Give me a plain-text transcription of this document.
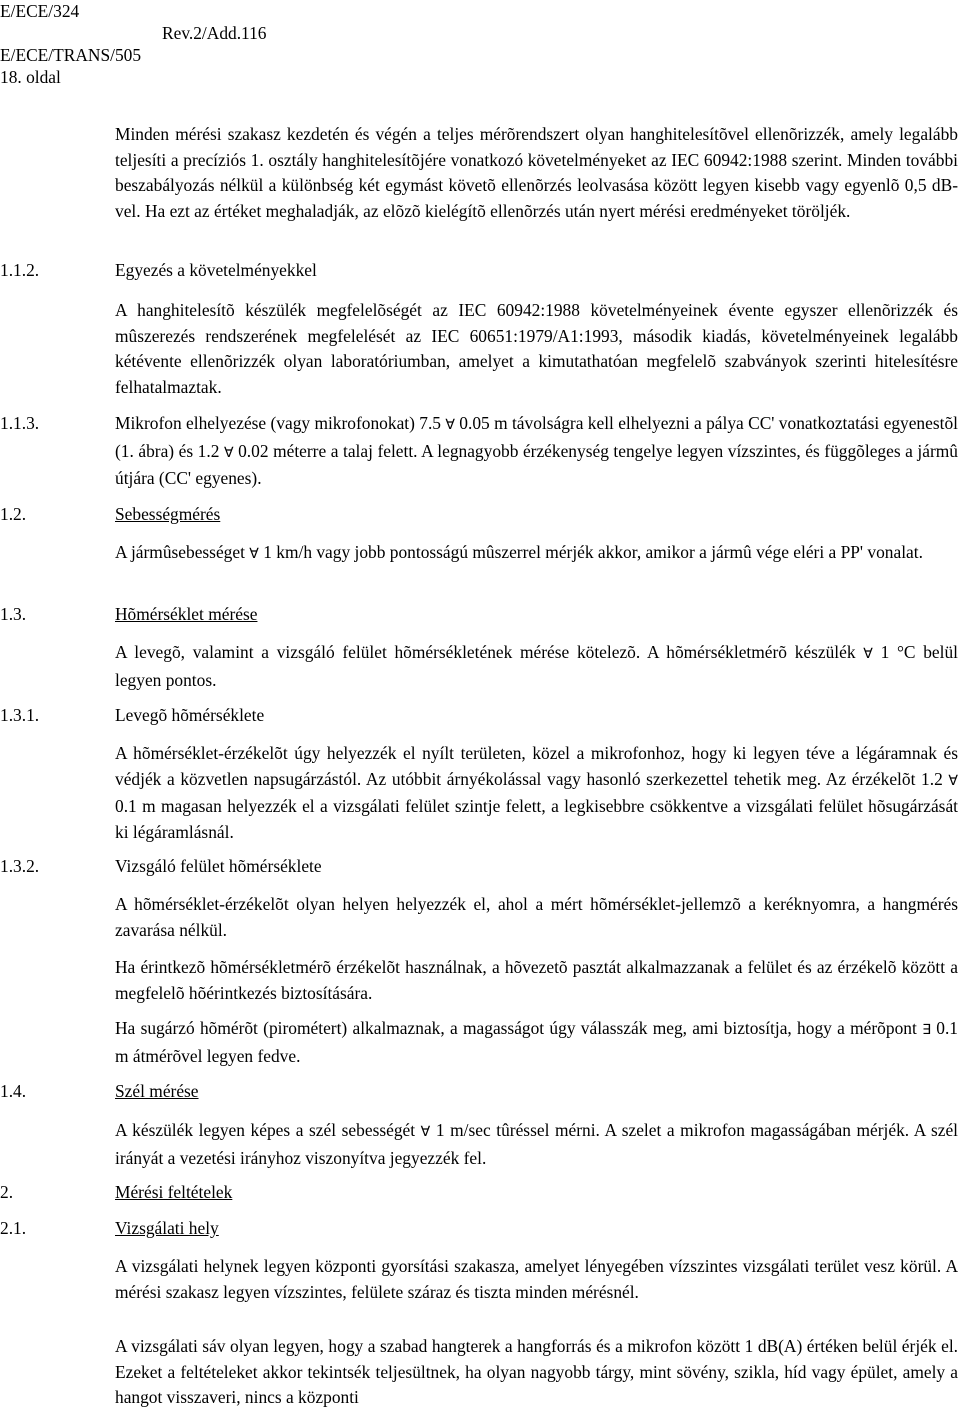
E/ECE/324
Rev.2/Add.116
E/ECE/TRANS/505
18. oldal
Minden mérési szakasz kezdetén és végén a teljes mérõrendszert olyan hanghitelesítõvel ellenõrizzék, amely legalább teljesíti a precíziós 1. osztály hanghitelesítõjére vonatkozó követelményeket az IEC 60942:1988 szerint. Minden további beszabályozás nélkül a különbség két egymást követõ ellenõrzés leolvasása között legyen kisebb vagy egyenlõ 0,5 dB-vel. Ha ezt az értéket meghaladják, az elõzõ kielégítõ ellenõrzés után nyert mérési eredményeket töröljék.
1.1.2.	Egyezés a követelményekkel
A hanghitelesítõ készülék megfelelõségét az IEC 60942:1988 követelményeinek évente egyszer ellenõrizzék és mûszerezés rendszerének megfelelését az IEC 60651:1979/A1:1993, második kiadás, követelményeinek legalább kétévente ellenõrizzék olyan laboratóriumban, amelyet a kimutathatóan megfelelõ szabványok szerinti hitelesítésre felhatalmaztak.
1.1.3.	Mikrofon elhelyezése (vagy mikrofonokat) 7.5 ∀ 0.05 m távolságra kell elhelyezni a pálya CC' vonatkoztatási egyenestõl (1. ábra) és 1.2 ∀ 0.02 méterre a talaj felett. A legnagyobb érzékenység tengelye legyen vízszintes, és függõleges a jármû útjára (CC' egyenes).
1.2.	Sebességmérés
A jármûsebességet ∀ 1 km/h vagy jobb pontosságú mûszerrel mérjék akkor, amikor a jármû vége eléri a PP' vonalat.
1.3.	Hõmérséklet mérése
A levegõ, valamint a vizsgáló felület hõmérsékletének mérése kötelezõ. A hõmérsékletmérõ készülék ∀ 1 °C belül legyen pontos.
1.3.1.	Levegõ hõmérséklete
A hõmérséklet-érzékelõt úgy helyezzék el nyílt területen, közel a mikrofonhoz, hogy ki legyen téve a légáramnak és védjék a közvetlen napsugárzástól. Az utóbbit árnyékolással vagy hasonló szerkezettel tehetik meg. Az érzékelõt 1.2 ∀ 0.1 m magasan helyezzék el a vizsgálati felület szintje felett, a legkisebbre csökkentve a vizsgálati felület hõsugárzását ki légáramlásnál.
1.3.2.	Vizsgáló felület hõmérséklete
A hõmérséklet-érzékelõt olyan helyen helyezzék el, ahol a mért hõmérséklet-jellemzõ a keréknyomra, a hangmérés zavarása nélkül.
Ha érintkezõ hõmérsékletmérõ érzékelõt használnak, a hõvezetõ pasztát alkalmazzanak a felület és az érzékelõ között a megfelelõ hõérintkezés biztosítására.
Ha sugárzó hõmérõt (pirométert) alkalmaznak, a magasságot úgy válasszák meg, ami biztosítja, hogy a mérõpont ∃ 0.1 m átmérõvel legyen fedve.
1.4.	Szél mérése
A készülék legyen képes a szél sebességét ∀ 1 m/sec tûréssel mérni. A szelet a mikrofon magasságában mérjék. A szél irányát a vezetési irányhoz viszonyítva jegyezzék fel.
2.	Mérési feltételek
2.1.	Vizsgálati hely
A vizsgálati helynek legyen központi gyorsítási szakasza, amelyet lényegében vízszintes vizsgálati terület vesz körül. A mérési szakasz legyen vízszintes, felülete száraz és tiszta minden mérésnél.
A vizsgálati sáv olyan legyen, hogy a szabad hangterek a hangforrás és a mikrofon között 1 dB(A) értéken belül érjék el. Ezeket a feltételeket akkor tekintsék teljesültnek, ha olyan nagyobb tárgy, mint sövény, szikla, híd vagy épület, amely a hangot visszaveri, nincs a központi
